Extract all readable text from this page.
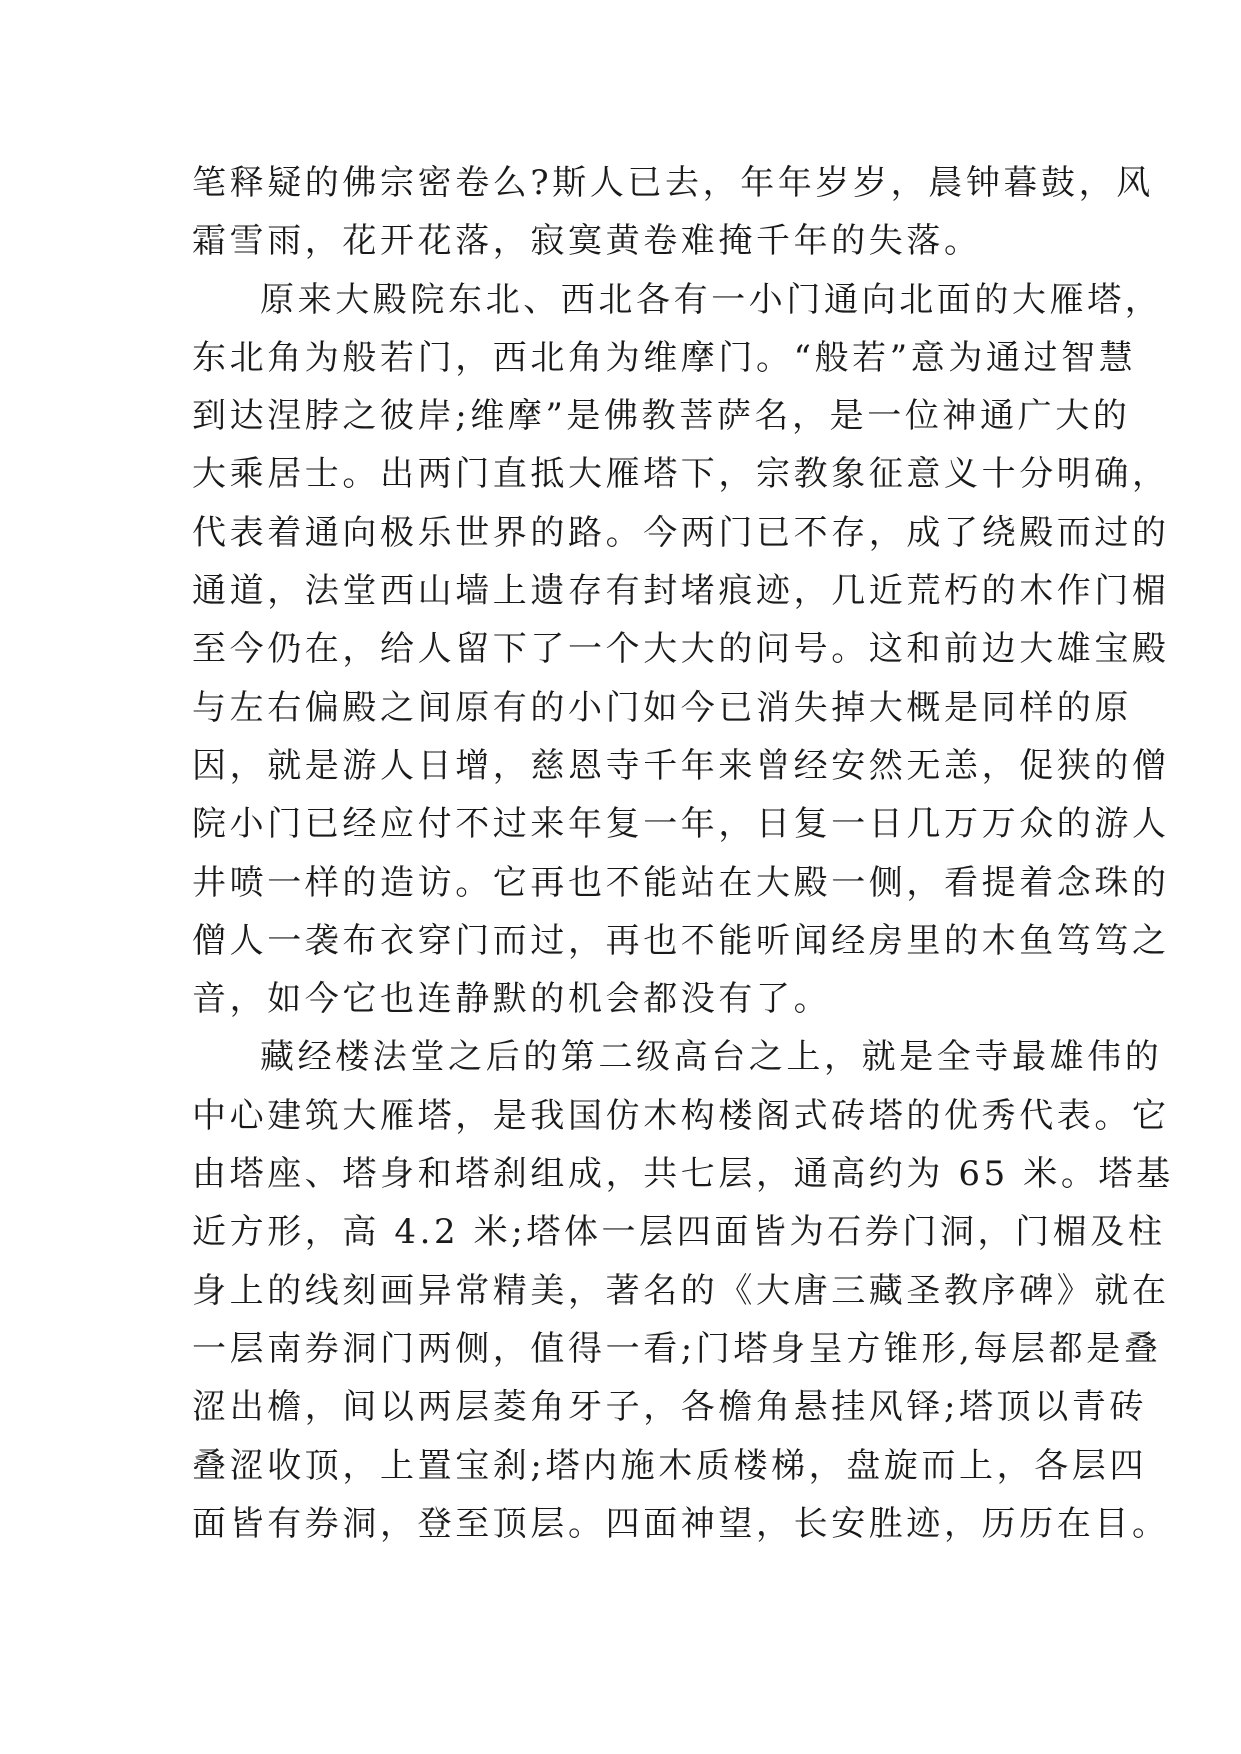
笔释疑的佛宗密卷么?斯人已去，年年岁岁，晨钟暮鼓，风
霜雪雨，花开花落，寂寞黄卷难掩千年的失落。
原来大殿院东北、西北各有一小门通向北面的大雁塔，
东北角为般若门，西北角为维摩门。“般若”意为通过智慧
到达涅脖之彼岸;维摩”是佛教菩萨名，是一位神通广大的
大乘居士。出两门直抵大雁塔下，宗教象征意义十分明确，
代表着通向极乐世界的路。今两门已不存，成了绕殿而过的
通道，法堂西山墙上遗存有封堵痕迹，几近荒朽的木作门楣
至今仍在，给人留下了一个大大的问号。这和前边大雄宝殿
与左右偏殿之间原有的小门如今已消失掉大概是同样的原
因，就是游人日增，慈恩寺千年来曾经安然无恙，促狭的僧
院小门已经应付不过来年复一年，日复一日几万万众的游人
井喷一样的造访。它再也不能站在大殿一侧，看提着念珠的
僧人一袭布衣穿门而过，再也不能听闻经房里的木鱼笃笃之
音，如今它也连静默的机会都没有了。
藏经楼法堂之后的第二级高台之上，就是全寺最雄伟的
中心建筑大雁塔，是我国仿木构楼阁式砖塔的优秀代表。它
由塔座、塔身和塔刹组成，共七层，通高约为 65 米。塔基
近方形，高 4.2 米;塔体一层四面皆为石券门洞，门楣及柱
身上的线刻画异常精美，著名的《大唐三藏圣教序碑》就在
一层南券洞门两侧，值得一看;门塔身呈方锥形,每层都是叠
涩出檐，间以两层菱角牙子，各檐角悬挂风铎;塔顶以青砖
叠涩收顶，上置宝刹;塔内施木质楼梯，盘旋而上，各层四
面皆有券洞，登至顶层。四面神望，长安胜迹，历历在目。
